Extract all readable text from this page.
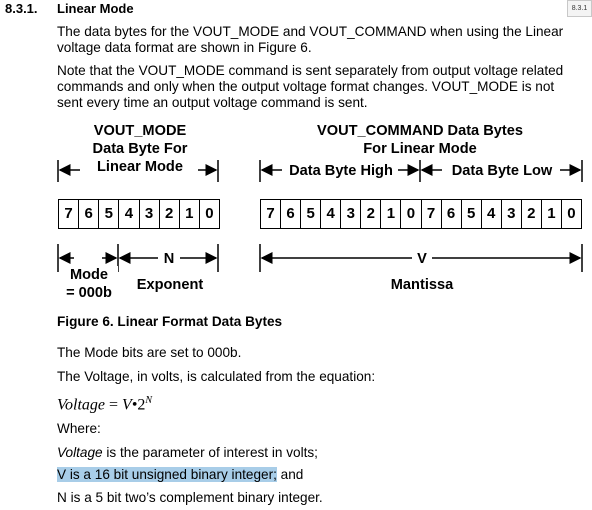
8.3.1. Linear Mode	8.3.1
The data bytes for the VOUT_MODE and VOUT_COMMAND when using the Linear voltage data format are shown in Figure 6.
Note that the VOUT_MODE command is sent separately from output voltage related commands and only when the output voltage format changes. VOUT_MODE is not sent every time an output voltage command is sent.
VOUT_MODE
Data Byte For
Linear Mode
VOUT_COMMAND Data Bytes
For Linear Mode
Data Byte High	Data Byte Low
N	V
7 6 5 4 3 2 1 0	7 6 5 4 3 2 1 0 7 6 5 4 3 2 1 0
Mode
= 000b	Exponent	Mantissa
Figure 6. Linear Format Data Bytes
The Mode bits are set to 000b.
The Voltage, in volts, is calculated from the equation:
Voltage = $V•2^N$
Where:
Voltage is the parameter of interest in volts;
V is a 16 bit unsigned binary integer; and
N is a 5 bit two’s complement binary integer.
